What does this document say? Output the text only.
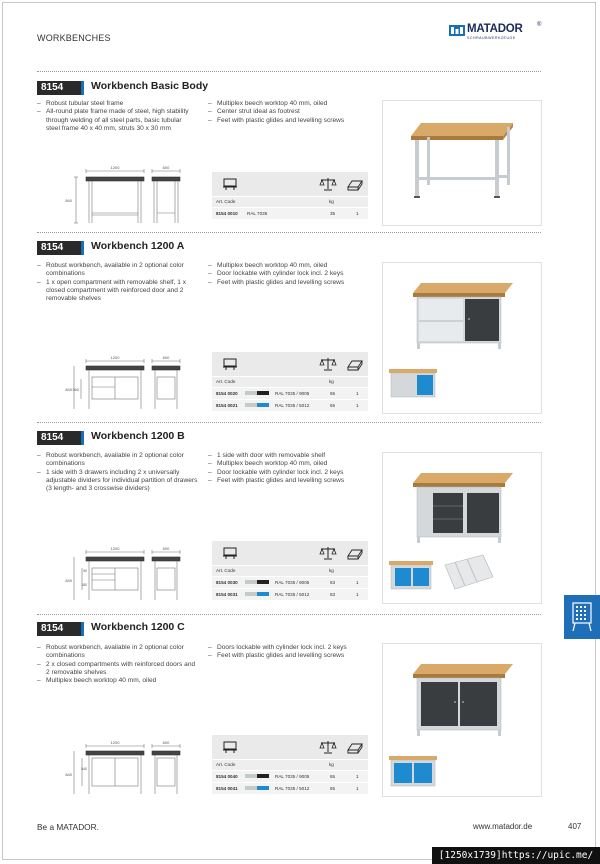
WORKBENCHES
MATADOR ®
SCHRAUBWERKZEUGE
8154	Workbench Basic Body
– Robust tubular steel frame
– All-round plate frame made of steel, high stability through welding of all steel parts, basic tubular steel frame 40 x 40 mm, struts 30 x 30 mm
– Multiplex beech worktop 40 mm, oiled
– Center strut ideal as footrest
– Feet with plastic glides and levelling screws
1200	600
840	Art. Code	kg
8154 0010 RAL 7035	35	1
8154	Workbench 1200 A
– Robust workbench, available in 2 optional color combinations
– 1 x open compartment with removable shelf, 1 x closed compartment with reinforced door and 2 removable shelves
– Multiplex beech worktop 40 mm, oiled
– Door lockable with cylinder lock incl. 2 keys
– Feet with plastic glides and levelling screws
1200	600
840 360
Art. Code	kg
8154 0020	RAL 7035 / 9005	65	1
8154 0021	RAL 7035 / 5012	65	1
8154	Workbench 1200 B
– Robust workbench, available in 2 optional color combinations
– 1 side with 3 drawers including 2 x universally adjustable dividers for individual partition of drawers (3 length- and 3 crosswise dividers)
– 1 side with door with removable shelf
– Multiplex beech worktop 40 mm, oiled
– Door lockable with cylinder lock incl. 2 keys
– Feet with plastic glides and levelling screws
1200	600
840
90
180
Art. Code	kg
8154 0030	RAL 7035 / 9005	83	1
8154 0031	RAL 7035 / 5012	83	1
8154	Workbench 1200 C
– Robust workbench, available in 2 optional color combinations
– 2 x closed compartments with reinforced doors and 2 removable shelves
– Multiplex beech worktop 40 mm, oiled
– Doors lockable with cylinder lock incl. 2 keys
– Feet with plastic glides and levelling screws
1200	600
840
540
Art. Code	kg
8154 0040	RAL 7035 / 9005	65	1
8154 0041	RAL 7035 / 5012	65	1
Be a MATADOR.	www.matador.de	407
[1250x1739]https://upic.me/
